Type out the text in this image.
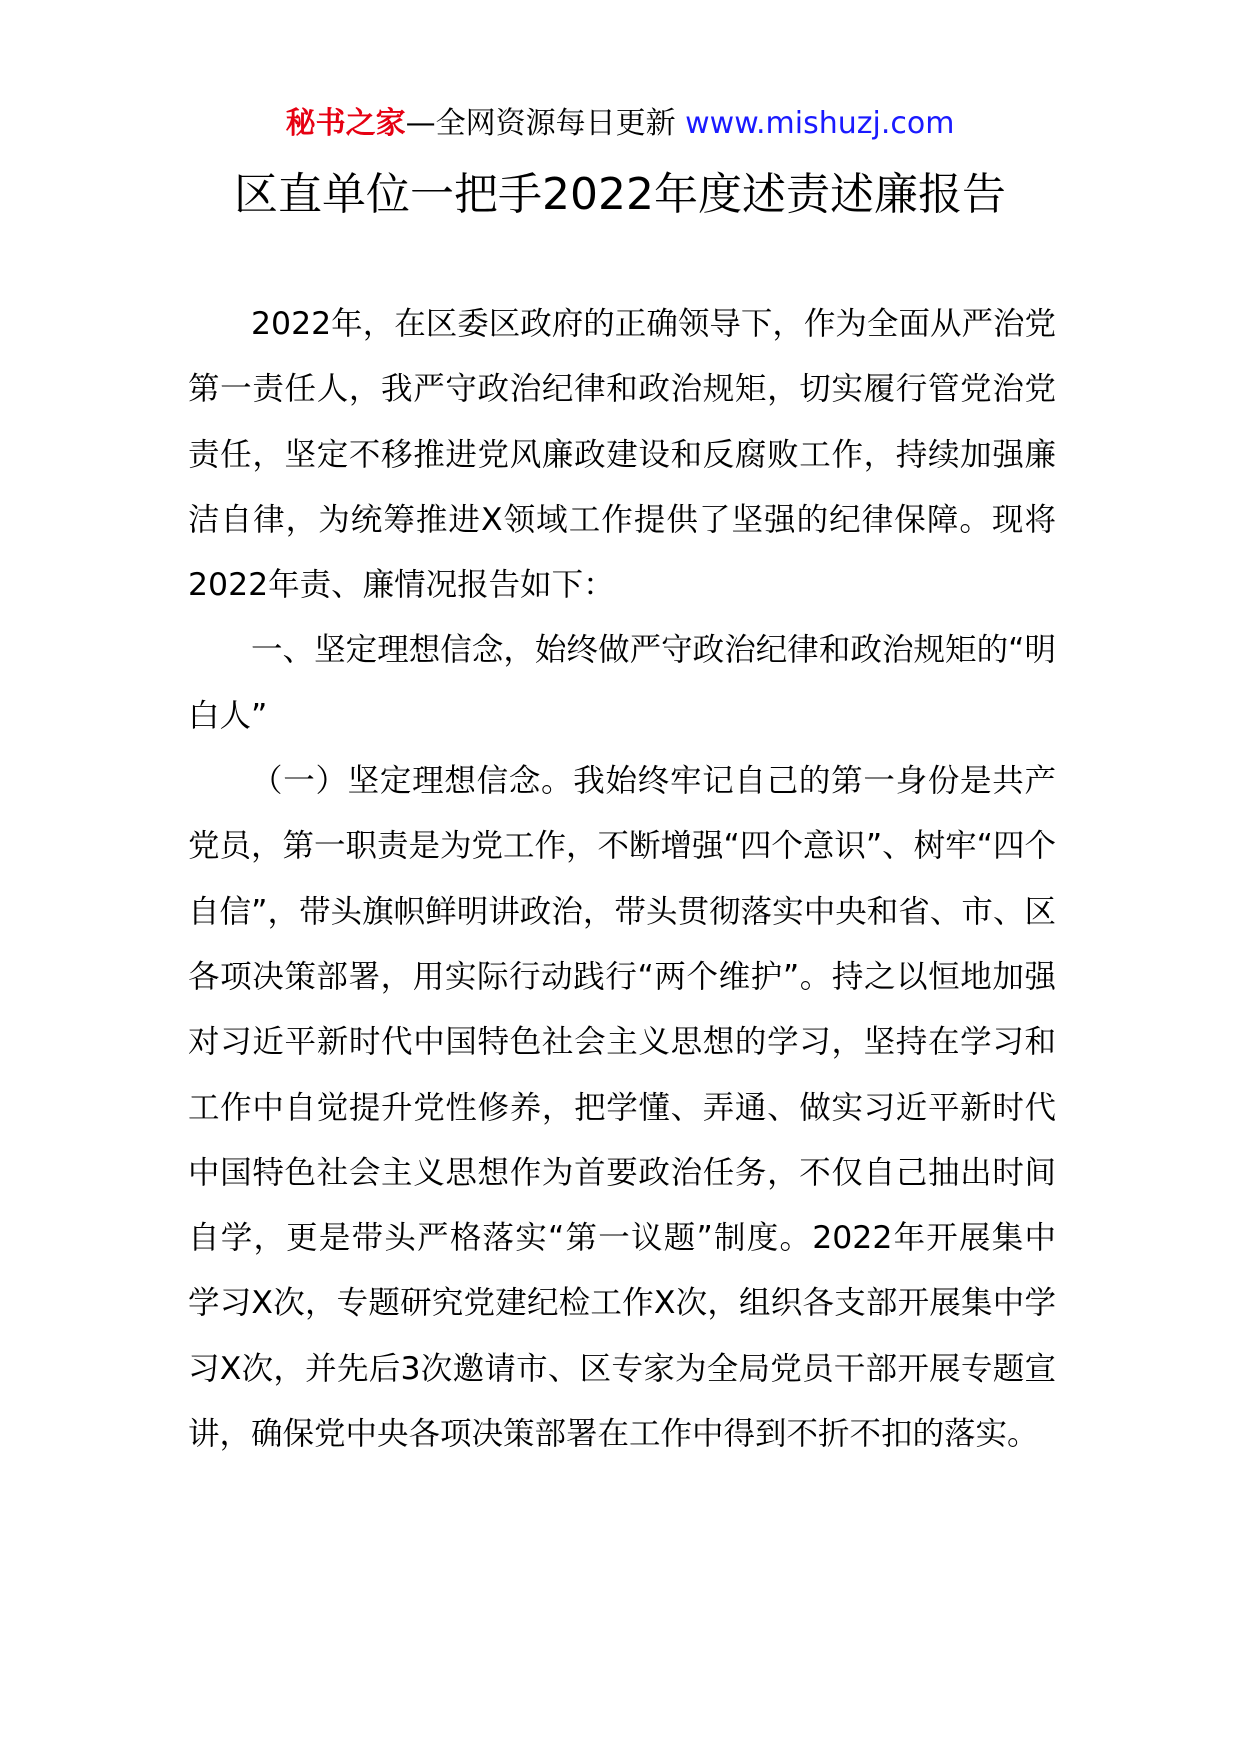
秘书之家—全网资源每日更新 www.mishuzj.com
区直单位一把手2022年度述责述廉报告

2022年，在区委区政府的正确领导下，作为全面从严治党第一责任人，我严守政治纪律和政治规矩，切实履行管党治党责任，坚定不移推进党风廉政建设和反腐败工作，持续加强廉洁自律，为统筹推进X领域工作提供了坚强的纪律保障。现将2022年责、廉情况报告如下：

一、坚定理想信念，始终做严守政治纪律和政治规矩的“明白人”

（一）坚定理想信念。我始终牢记自己的第一身份是共产党员，第一职责是为党工作，不断增强“四个意识”、树牢“四个自信”，带头旗帜鲜明讲政治，带头贯彻落实中央和省、市、区各项决策部署，用实际行动践行“两个维护”。持之以恒地加强对习近平新时代中国特色社会主义思想的学习，坚持在学习和工作中自觉提升党性修养，把学懂、弄通、做实习近平新时代中国特色社会主义思想作为首要政治任务，不仅自己抽出时间自学，更是带头严格落实“第一议题”制度。2022年开展集中学习X次，专题研究党建纪检工作X次，组织各支部开展集中学习X次，并先后3次邀请市、区专家为全局党员干部开展专题宣讲，确保党中央各项决策部署在工作中得到不折不扣的落实。
